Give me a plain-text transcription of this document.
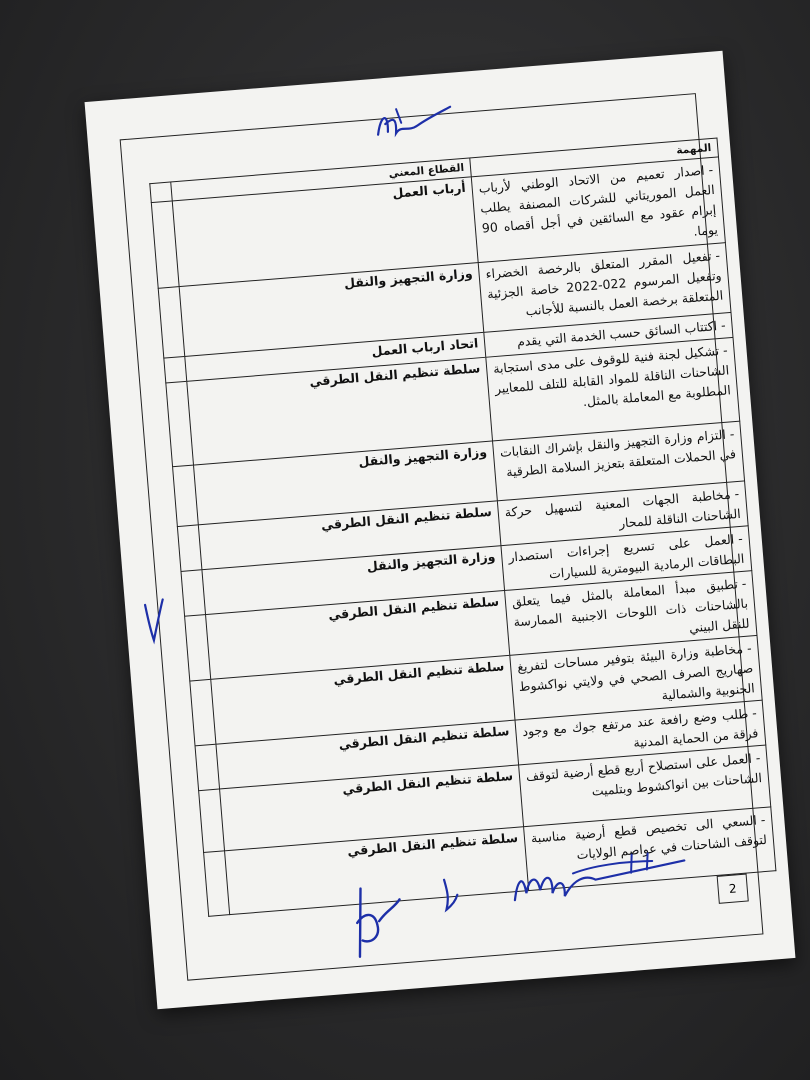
المهمة	القطاع المعني	
-اصدار تعميم من الاتحاد الوطني لأرباب العمل الموريتاني للشركات المصنفة يطلب إبرام عقود مع السائقين في أجل أقصاه 90 يوما.	أرباب العمل	
-تفعيل المقرر المتعلق بالرخصة الخضراء وتفعيل المرسوم 022-2022 خاصة الجزئية المتعلقة برخصة العمل بالنسبة للأجانب	وزارة التجهيز والنقل	
-اكتتاب السائق حسب الخدمة التي يقدم	اتحاد ارباب العمل	
-تشكيل لجنة فنية للوقوف على مدى استجابة الشاحنات الناقلة للمواد القابلة للتلف للمعايير المطلوبة مع المعاملة بالمثل.	سلطة تنظيم النقل الطرقي	
-التزام وزارة التجهيز والنقل بإشراك النقابات في الحملات المتعلقة بتعزيز السلامة الطرقية	وزارة التجهيز والنقل	
-مخاطبة الجهات المعنية لتسهيل حركة الشاحنات الناقلة للمحار	سلطة تنظيم النقل الطرقي	
-العمل على تسريع إجراءات استصدار البطاقات الرمادية البيومترية للسيارات	وزارة التجهيز والنقل	
-تطبيق مبدأ المعاملة بالمثل فيما يتعلق بالشاحنات ذات اللوحات الاجنبية الممارسة للنقل البيني	سلطة تنظيم النقل الطرقي	
-مخاطبة وزارة البيئة بتوفير مساحات لتفريغ صهاريج الصرف الصحي في ولايتي نواكشوط الجنوبية والشمالية	سلطة تنظيم النقل الطرقي	
-طلب وضع رافعة عند مرتفع جوك مع وجود فرقة من الحماية المدنية	سلطة تنظيم النقل الطرقي	
-العمل على استصلاح أربع قطع أرضية لتوقف الشاحنات بين انواكشوط وبتلميت	سلطة تنظيم النقل الطرقي	
-السعي الى تخصيص قطع أرضية مناسبة لتوقف الشاحنات في عواصم الولايات	سلطة تنظيم النقل الطرقي	
2
